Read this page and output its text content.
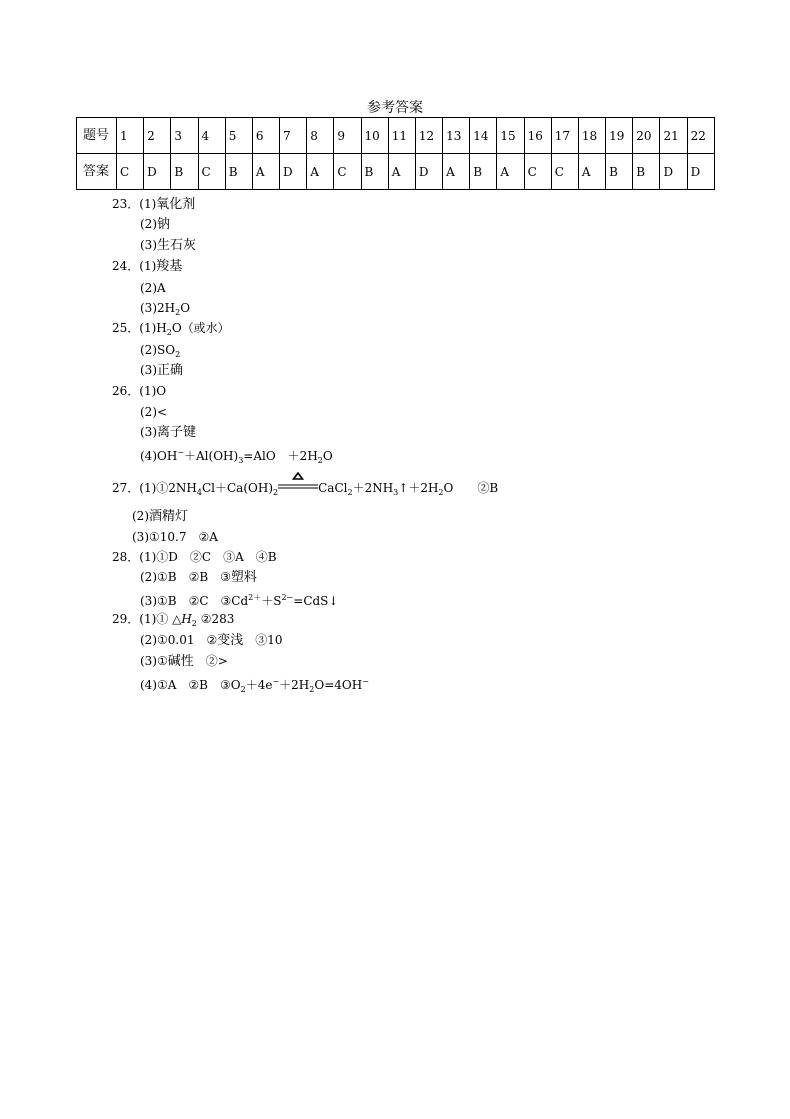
参考答案
题号	1	2	3	4	5	6	7	8	9	10	11	12	13	14	15	16	17	18	19	20	21	22
答案	C	D	B	C	B	A	D	A	C	B	A	D	A	B	A	C	C	A	B	B	D	D
23．(1)氧化剂
(2)钠
(3)生石灰
24．(1)羧基
(2)A
$(3)2H_2O$
25．$(1)H_2O$（或水）
$(2)SO_2$
(3)正确
26．(1)O
(2)<
(3)离子键
$(4)OH^-+Al(OH)_3=AlO$　$+2H_2O$
27．$(1)①2NH_4Cl+Ca(OH)_2$	$CaCl_2+2NH_3↑+2H_2O$　　②B
(2)酒精灯
(3)①10.7　②A
28．(1)①D　②C　③A　④B
(2)①B　②B　③塑料
(3)①B　②C　$③Cd^{2+}+S^{2-}=CdS↓$
29．(1)① $\triangle H_2$ ②283
(2)①0.01　②变浅　③10
(3)①碱性　②>
(4)①A　②B　$③O_2+4e^-+2H_2O=4OH^-$
